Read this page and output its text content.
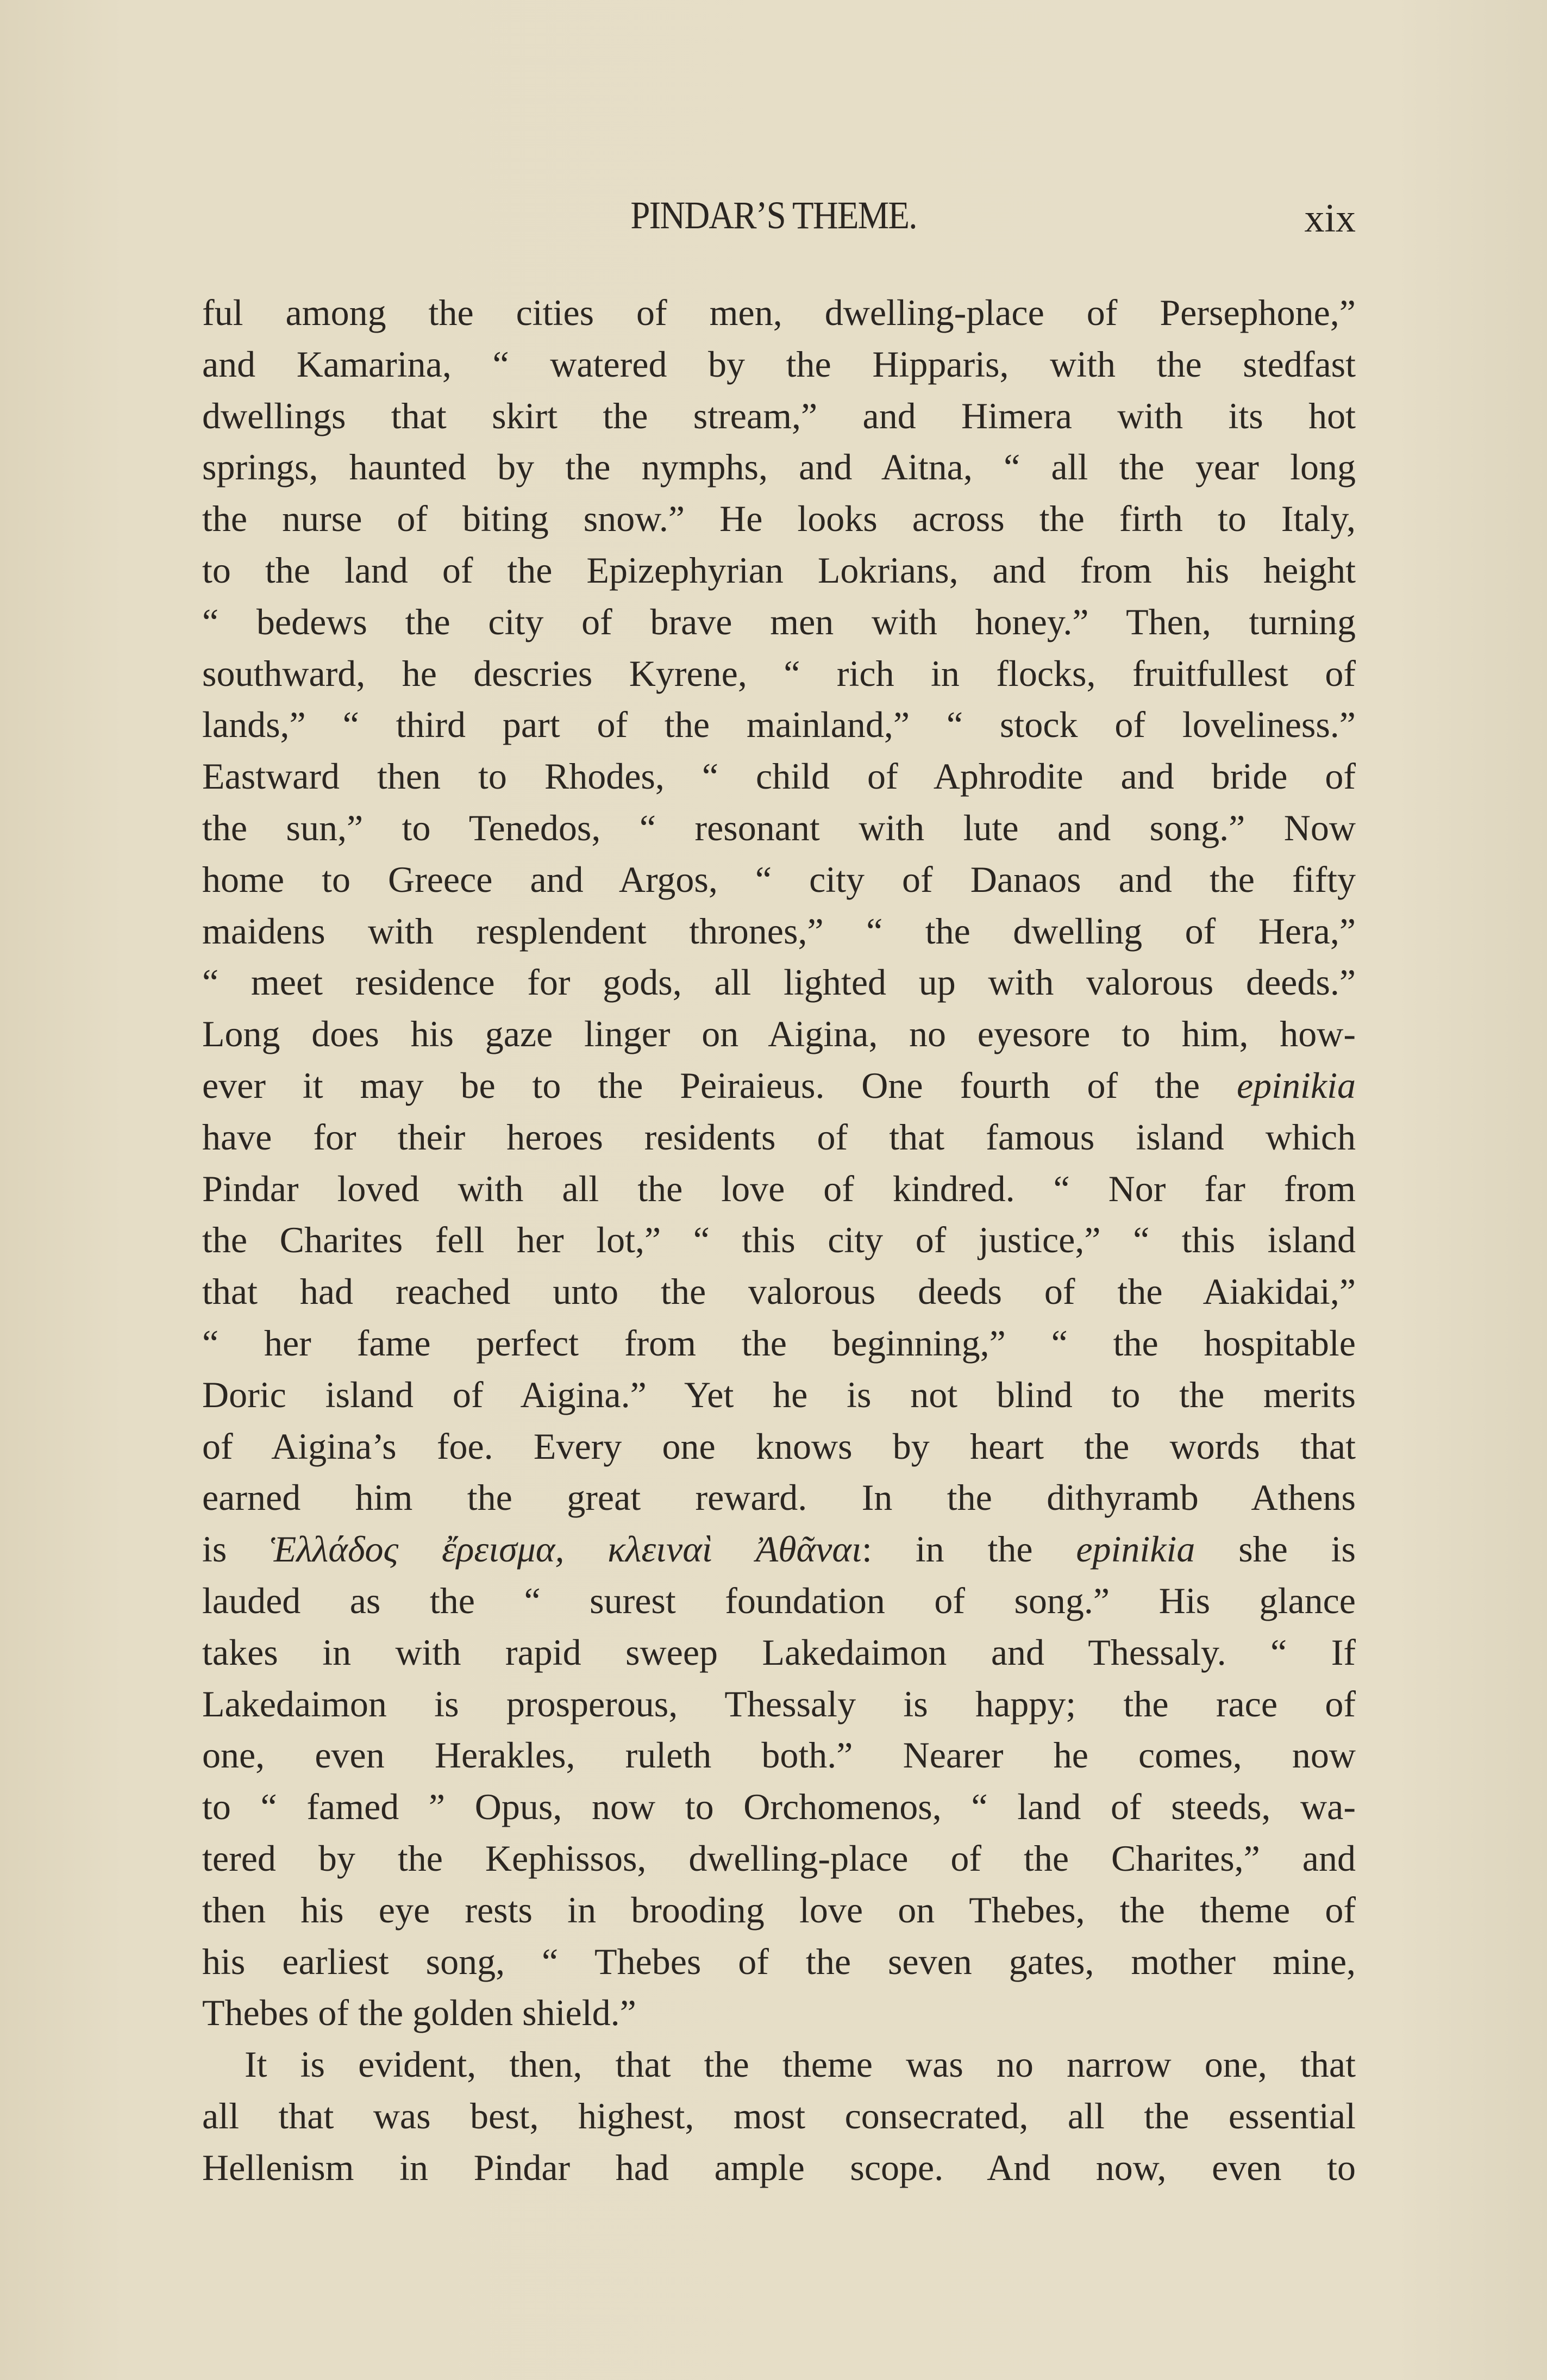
PINDAR’S THEME.	xix
ful among the cities of men, dwelling-place of Persephone,”
and Kamarina, “ watered by the Hipparis, with the stedfast
dwellings that skirt the stream,” and Himera with its hot
springs, haunted by the nymphs, and Aitna, “ all the year long
the nurse of biting snow.” He looks across the firth to Italy,
to the land of the Epizephyrian Lokrians, and from his height
“ bedews the city of brave men with honey.” Then, turning
southward, he descries Kyrene, “ rich in flocks, fruitfullest of
lands,” “ third part of the mainland,” “ stock of loveliness.”
Eastward then to Rhodes, “ child of Aphrodite and bride of
the sun,” to Tenedos, “ resonant with lute and song.” Now
home to Greece and Argos, “ city of Danaos and the fifty
maidens with resplendent thrones,” “ the dwelling of Hera,”
“ meet residence for gods, all lighted up with valorous deeds.”
Long does his gaze linger on Aigina, no eyesore to him, how-
ever it may be to the Peiraieus. One fourth of the epinikia
have for their heroes residents of that famous island which
Pindar loved with all the love of kindred. “ Nor far from
the Charites fell her lot,” “ this city of justice,” “ this island
that had reached unto the valorous deeds of the Aiakidai,”
“ her fame perfect from the beginning,” “ the hospitable
Doric island of Aigina.” Yet he is not blind to the merits
of Aigina’s foe. Every one knows by heart the words that
earned him the great reward. In the dithyramb Athens
is Ἑλλάδος ἔρεισμα, κλειναὶ Ἀθᾶναι: in the epinikia she is
lauded as the “ surest foundation of song.” His glance
takes in with rapid sweep Lakedaimon and Thessaly. “ If
Lakedaimon is prosperous, Thessaly is happy; the race of
one, even Herakles, ruleth both.” Nearer he comes, now
to “ famed ” Opus, now to Orchomenos, “ land of steeds, wa-
tered by the Kephissos, dwelling-place of the Charites,” and
then his eye rests in brooding love on Thebes, the theme of
his earliest song, “ Thebes of the seven gates, mother mine,
Thebes of the golden shield.”
It is evident, then, that the theme was no narrow one, that
all that was best, highest, most consecrated, all the essential
Hellenism in Pindar had ample scope. And now, even to
